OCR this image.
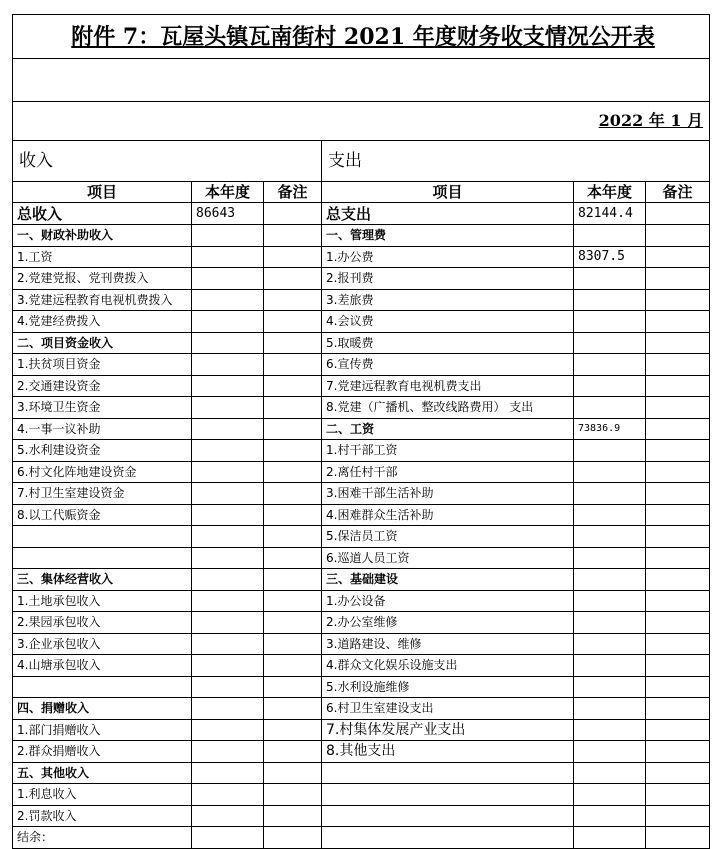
附件 7：瓦屋头镇瓦南街村 2021 年度财务收支情况公开表					

2022 年 1 月					
收入			支出		
项目	本年度	备注	项目	本年度	备注
总收入	86643		总支出	82144.4	
一、财政补助收入			一、管理费		
1.工资			1.办公费	8307.5	
2.党建党报、党刊费拨入			2.报刊费		
3.党建远程教育电视机费拨入			3.差旅费		
4.党建经费拨入			4.会议费		
二、项目资金收入			5.取暖费		
1.扶贫项目资金			6.宣传费		
2.交通建设资金			7.党建远程教育电视机费支出		
3.环境卫生资金			8.党建（广播机、整改线路费用） 支出		
4.一事一议补助			二、工资	73836.9	
5.水利建设资金			1.村干部工资		
6.村文化阵地建设资金			2.离任村干部		
7.村卫生室建设资金			3.困难干部生活补助		
8.以工代赈资金			4.困难群众生活补助		
			5.保洁员工资		
			6.巡道人员工资		
三、集体经营收入			三、基础建设		
1.土地承包收入			1.办公设备		
2.果园承包收入			2.办公室维修		
3.企业承包收入			3.道路建设、维修		
4.山塘承包收入			4.群众文化娱乐设施支出		
			5.水利设施维修		
四、捐赠收入			6.村卫生室建设支出		
1.部门捐赠收入			7.村集体发展产业支出		
2.群众捐赠收入			8.其他支出		
五、其他收入					
1.利息收入					
2.罚款收入					
结余：					
